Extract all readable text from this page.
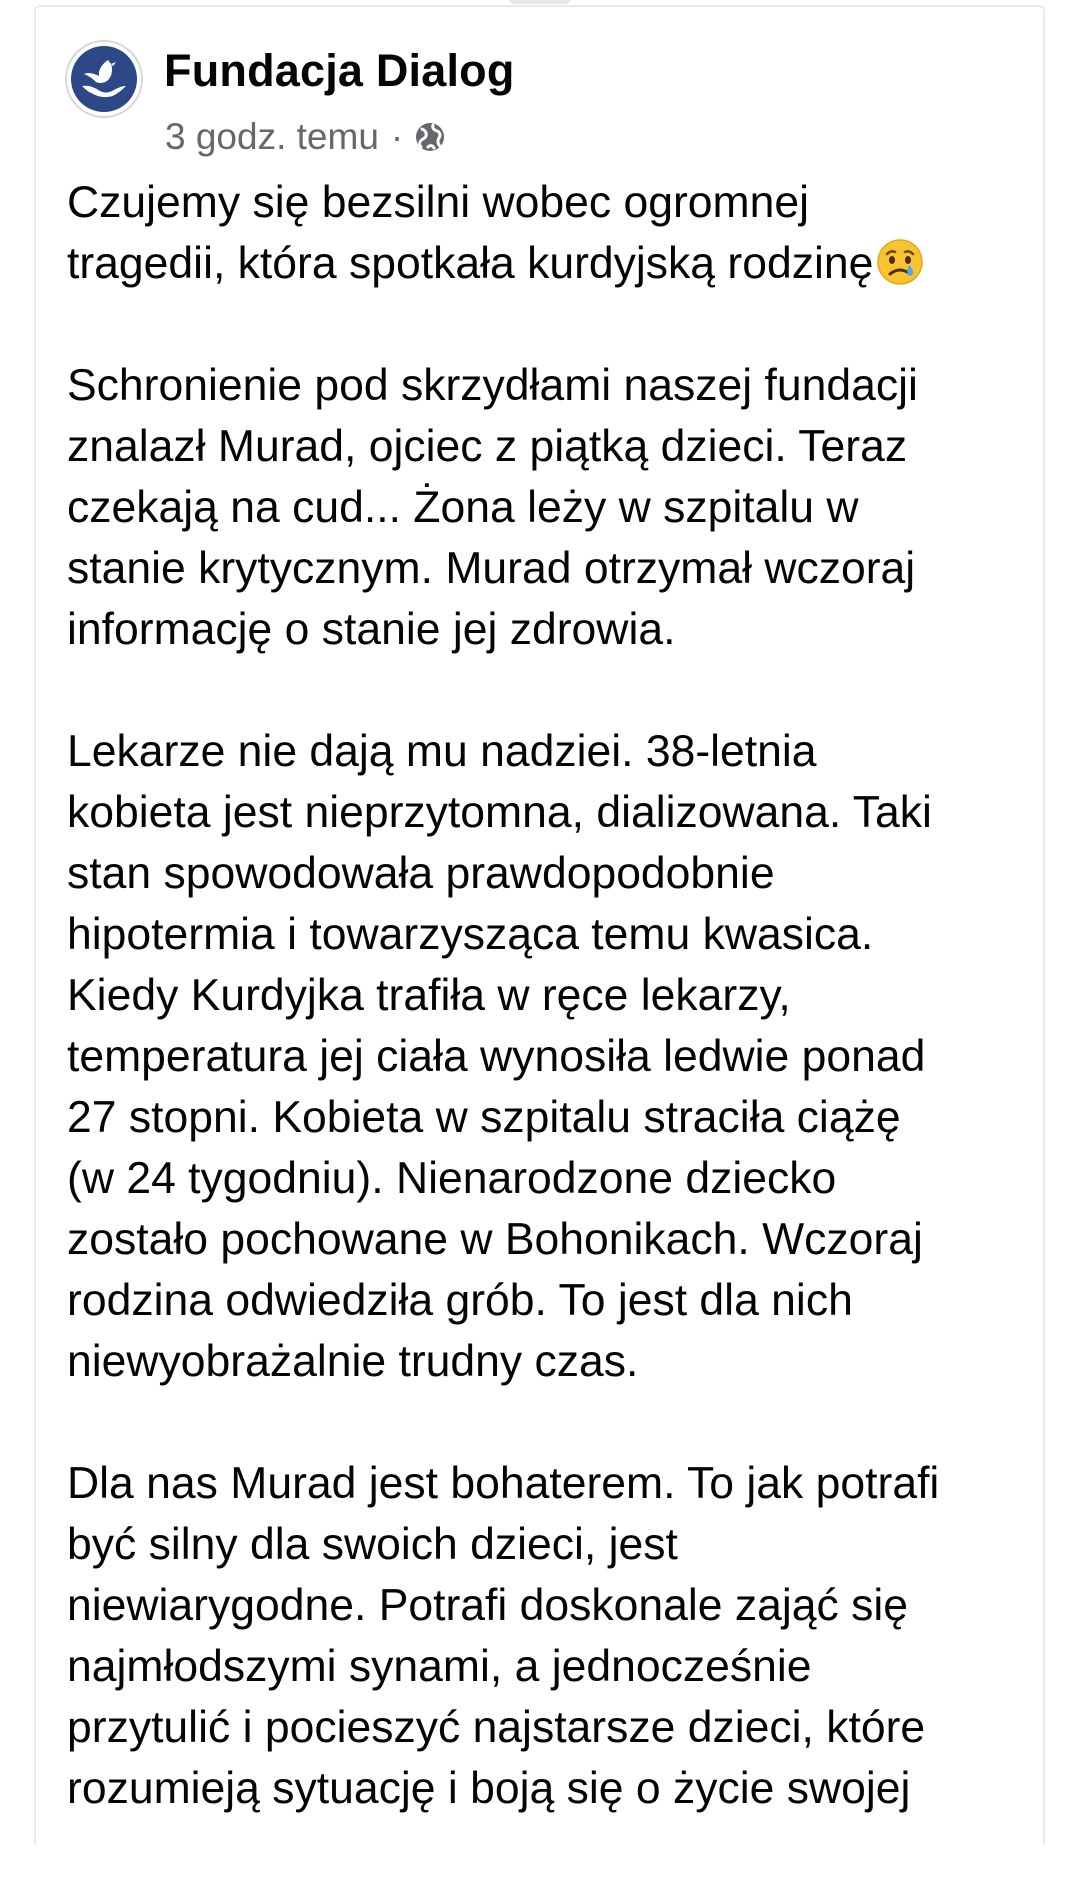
Fundacja Dialog
3 godz. temu ·

Czujemy się bezsilni wobec ogromnej
tragedii, która spotkała kurdyjską rodzinę

Schronienie pod skrzydłami naszej fundacji
znalazł Murad, ojciec z piątką dzieci. Teraz
czekają na cud... Żona leży w szpitalu w
stanie krytycznym. Murad otrzymał wczoraj
informację o stanie jej zdrowia.

Lekarze nie dają mu nadziei. 38-letnia
kobieta jest nieprzytomna, dializowana. Taki
stan spowodowała prawdopodobnie
hipotermia i towarzysząca temu kwasica.
Kiedy Kurdyjka trafiła w ręce lekarzy,
temperatura jej ciała wynosiła ledwie ponad
27 stopni. Kobieta w szpitalu straciła ciążę
(w 24 tygodniu). Nienarodzone dziecko
zostało pochowane w Bohonikach. Wczoraj
rodzina odwiedziła grób. To jest dla nich
niewyobrażalnie trudny czas.

Dla nas Murad jest bohaterem. To jak potrafi
być silny dla swoich dzieci, jest
niewiarygodne. Potrafi doskonale zająć się
najmłodszymi synami, a jednocześnie
przytulić i pocieszyć najstarsze dzieci, które
rozumieją sytuację i boją się o życie swojej
